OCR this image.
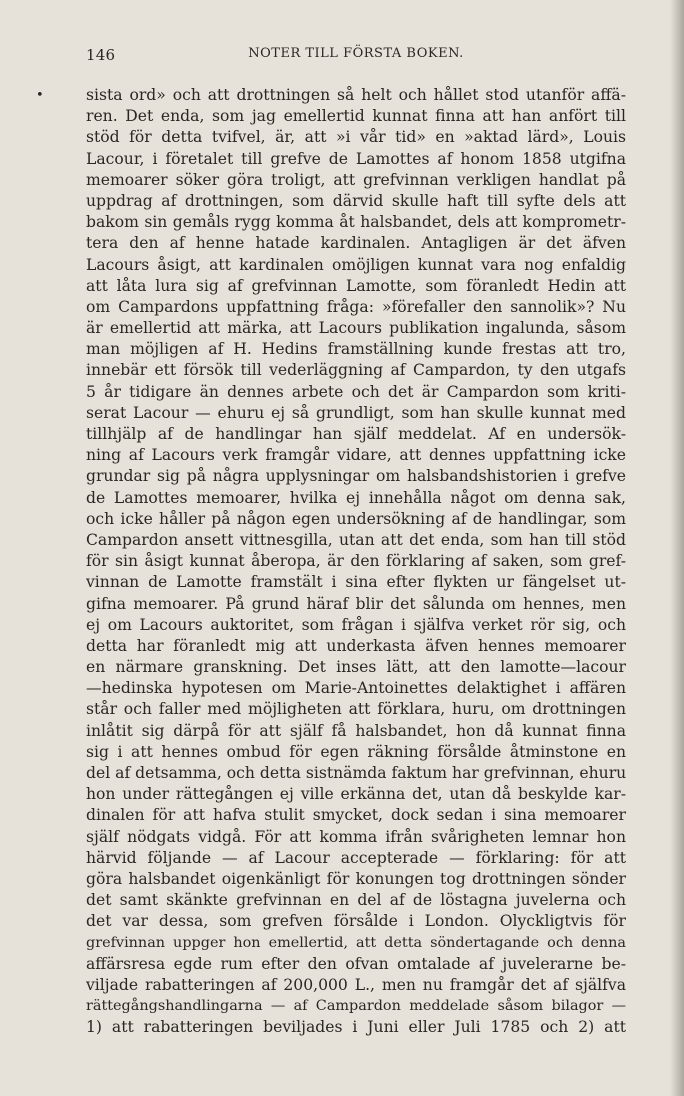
146	NOTER TILL FÖRSTA BOKEN.
•	sista ord» och att drottningen så helt och hållet stod utanför affä-
ren. Det enda, som jag emellertid kunnat finna att han anfört till
stöd för detta tvifvel, är, att »i vår tid» en »aktad lärd», Louis
Lacour, i företalet till grefve de Lamottes af honom 1858 utgifna
memoarer söker göra troligt, att grefvinnan verkligen handlat på
uppdrag af drottningen, som därvid skulle haft till syfte dels att
bakom sin gemåls rygg komma åt halsbandet, dels att komprometr-
tera den af henne hatade kardinalen. Antagligen är det äfven
Lacours åsigt, att kardinalen omöjligen kunnat vara nog enfaldig
att låta lura sig af grefvinnan Lamotte, som föranledt Hedin att
om Campardons uppfattning fråga: »förefaller den sannolik»? Nu
är emellertid att märka, att Lacours publikation ingalunda, såsom
man möjligen af H. Hedins framställning kunde frestas att tro,
innebär ett försök till vederläggning af Campardon, ty den utgafs
5 år tidigare än dennes arbete och det är Campardon som kriti-
serat Lacour — ehuru ej så grundligt, som han skulle kunnat med
tillhjälp af de handlingar han själf meddelat. Af en undersök-
ning af Lacours verk framgår vidare, att dennes uppfattning icke
grundar sig på några upplysningar om halsbandshistorien i grefve
de Lamottes memoarer, hvilka ej innehålla något om denna sak,
och icke håller på någon egen undersökning af de handlingar, som
Campardon ansett vittnesgilla, utan att det enda, som han till stöd
för sin åsigt kunnat åberopa, är den förklaring af saken, som gref-
vinnan de Lamotte framstält i sina efter flykten ur fängelset ut-
gifna memoarer. På grund häraf blir det sålunda om hennes, men
ej om Lacours auktoritet, som frågan i själfva verket rör sig, och
detta har föranledt mig att underkasta äfven hennes memoarer
en närmare granskning. Det inses lätt, att den lamotte—lacour
—hedinska hypotesen om Marie-Antoinettes delaktighet i affären
står och faller med möjligheten att förklara, huru, om drottningen
inlåtit sig därpå för att själf få halsbandet, hon då kunnat finna
sig i att hennes ombud för egen räkning försålde åtminstone en
del af detsamma, och detta sistnämda faktum har grefvinnan, ehuru
hon under rättegången ej ville erkänna det, utan då beskylde kar-
dinalen för att hafva stulit smycket, dock sedan i sina memoarer
själf nödgats vidgå. För att komma ifrån svårigheten lemnar hon
härvid följande — af Lacour accepterade — förklaring: för att
göra halsbandet oigenkänligt för konungen tog drottningen sönder
det samt skänkte grefvinnan en del af de löstagna juvelerna och
det var dessa, som grefven försålde i London. Olyckligtvis för
grefvinnan uppger hon emellertid, att detta söndertagande och denna
affärsresa egde rum efter den ofvan omtalade af juvelerarne be-
viljade rabatteringen af 200,000 L., men nu framgår det af själfva
rättegångshandlingarna — af Campardon meddelade såsom bilagor —
1) att rabatteringen beviljades i Juni eller Juli 1785 och 2) att
